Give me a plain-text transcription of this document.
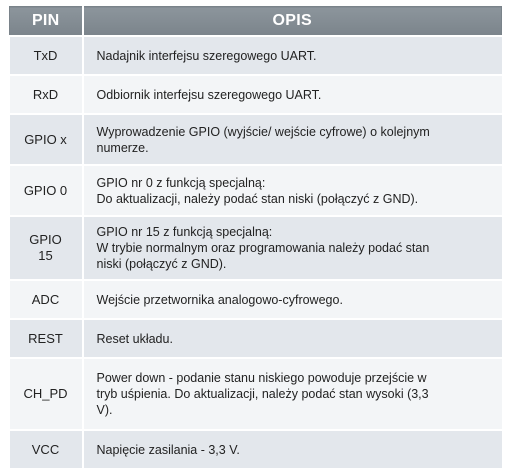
PIN	OPIS
TxD	Nadajnik interfejsu szeregowego UART.

RxD	Odbiornik interfejsu szeregowego UART.

GPIO x	Wyprowadzenie GPIO (wyjście/ wejście cyfrowe) o kolejnym
numerze.

GPIO 0	GPIO nr 0 z funkcją specjalną:
Do aktualizacji, należy podać stan niski (połączyć z GND).

GPIO
15	GPIO nr 15 z funkcją specjalną:
W trybie normalnym oraz programowania należy podać stan
niski (połączyć z GND).

ADC	Wejście przetwornika analogowo-cyfrowego.

REST	Reset układu.

CH_PD	Power down - podanie stanu niskiego powoduje przejście w
tryb uśpienia. Do aktualizacji, należy podać stan wysoki (3,3
V).

VCC	Napięcie zasilania - 3,3 V.
